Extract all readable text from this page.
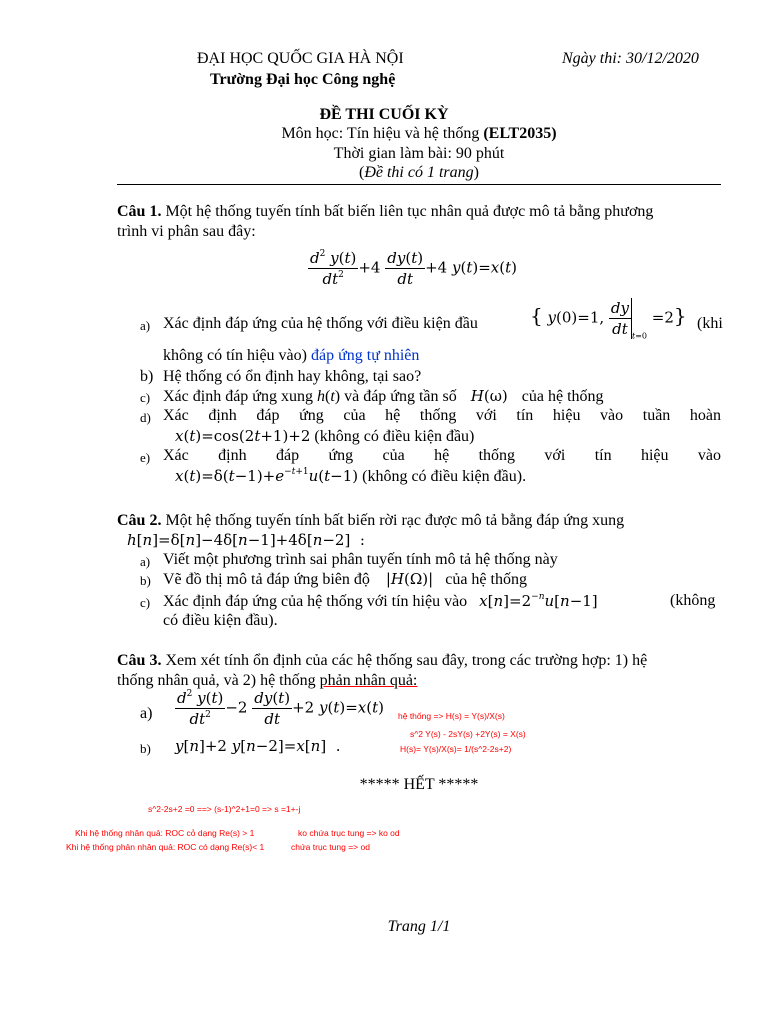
ĐẠI HỌC QUỐC GIA HÀ NỘI
Trường Đại học Công nghệ
Ngày thi: 30/12/2020
ĐỀ THI CUỐI KỲ
Môn học: Tín hiệu và hệ thống (ELT2035)
Thời gian làm bài: 90 phút
(Đề thi có 1 trang)
Câu 1. Một hệ thống tuyến tính bất biến liên tục nhân quả được mô tả bằng phương
trình vi phân sau đây:
$\frac{d^2 y(t)}{dt^2} +4 \frac{dy(t)}{dt} +4$ y(t)=x(t)
a) Xác định đáp ứng của hệ thống với điều kiện đầu	{ y(0)=1, $\frac{dy}{dt} _{t=0} =2$} (khi
không có tín hiệu vào) đáp ứng tự nhiên
b) Hệ thống có ổn định hay không, tại sao?
c) Xác định đáp ứng xung h(t) và đáp ứng tần số H(ω) của hệ thống
d) Xác định đáp ứng của hệ thống với tín hiệu vào tuần hoàn
x(t)=cos(2t+1)+2 (không có điều kiện đầu)
e) Xác định đáp ứng của hệ thống với tín hiệu vào
$x(t)=\delta(t-1)+e^{-t+1}u(t-1)$ (không có điều kiện đầu).
Câu 2. Một hệ thống tuyến tính bất biến rời rạc được mô tả bằng đáp ứng xung
h[n]=δ[n]−4δ[n−1]+4δ[n−2]  :
a) Viết một phương trình sai phân tuyến tính mô tả hệ thống này
b) Vẽ đồ thị mô tả đáp ứng biên độ |H(Ω)| của hệ thống
c) Xác định đáp ứng của hệ thống với tín hiệu vào $x[n]=2^{-n}u[n-1]$	(không
có điều kiện đầu).
Câu 3. Xem xét tính ổn định của các hệ thống sau đây, trong các trường hợp: 1) hệ
thống nhân quả, và 2) hệ thống phản nhân quả:
$a) \frac{d^2 y(t)}{dt^2} -2 \frac{dy(t)}{dt} +2$ y(t)=x(t)
b) y[n]+2 y[n−2]=x[n]  .
***** HẾT *****
hệ thống => H(s) = Y(s)/X(s)
s^2 Y(s) - 2sY(s) +2Y(s) = X(s)
H(s)= Y(s)/X(s)= 1/(s^2-2s+2)
s^2-2s+2 =0 ==> (s-1)^2+1=0 => s =1+-j
Khi hệ thống nhân quả: ROC cỏ dạng Re(s) > 1	ko chứa trục tung => ko od
Khi hệ thống phản nhân quả: ROC có dạng Re(s)< 1	chứa trục tung => od
Trang 1/1
